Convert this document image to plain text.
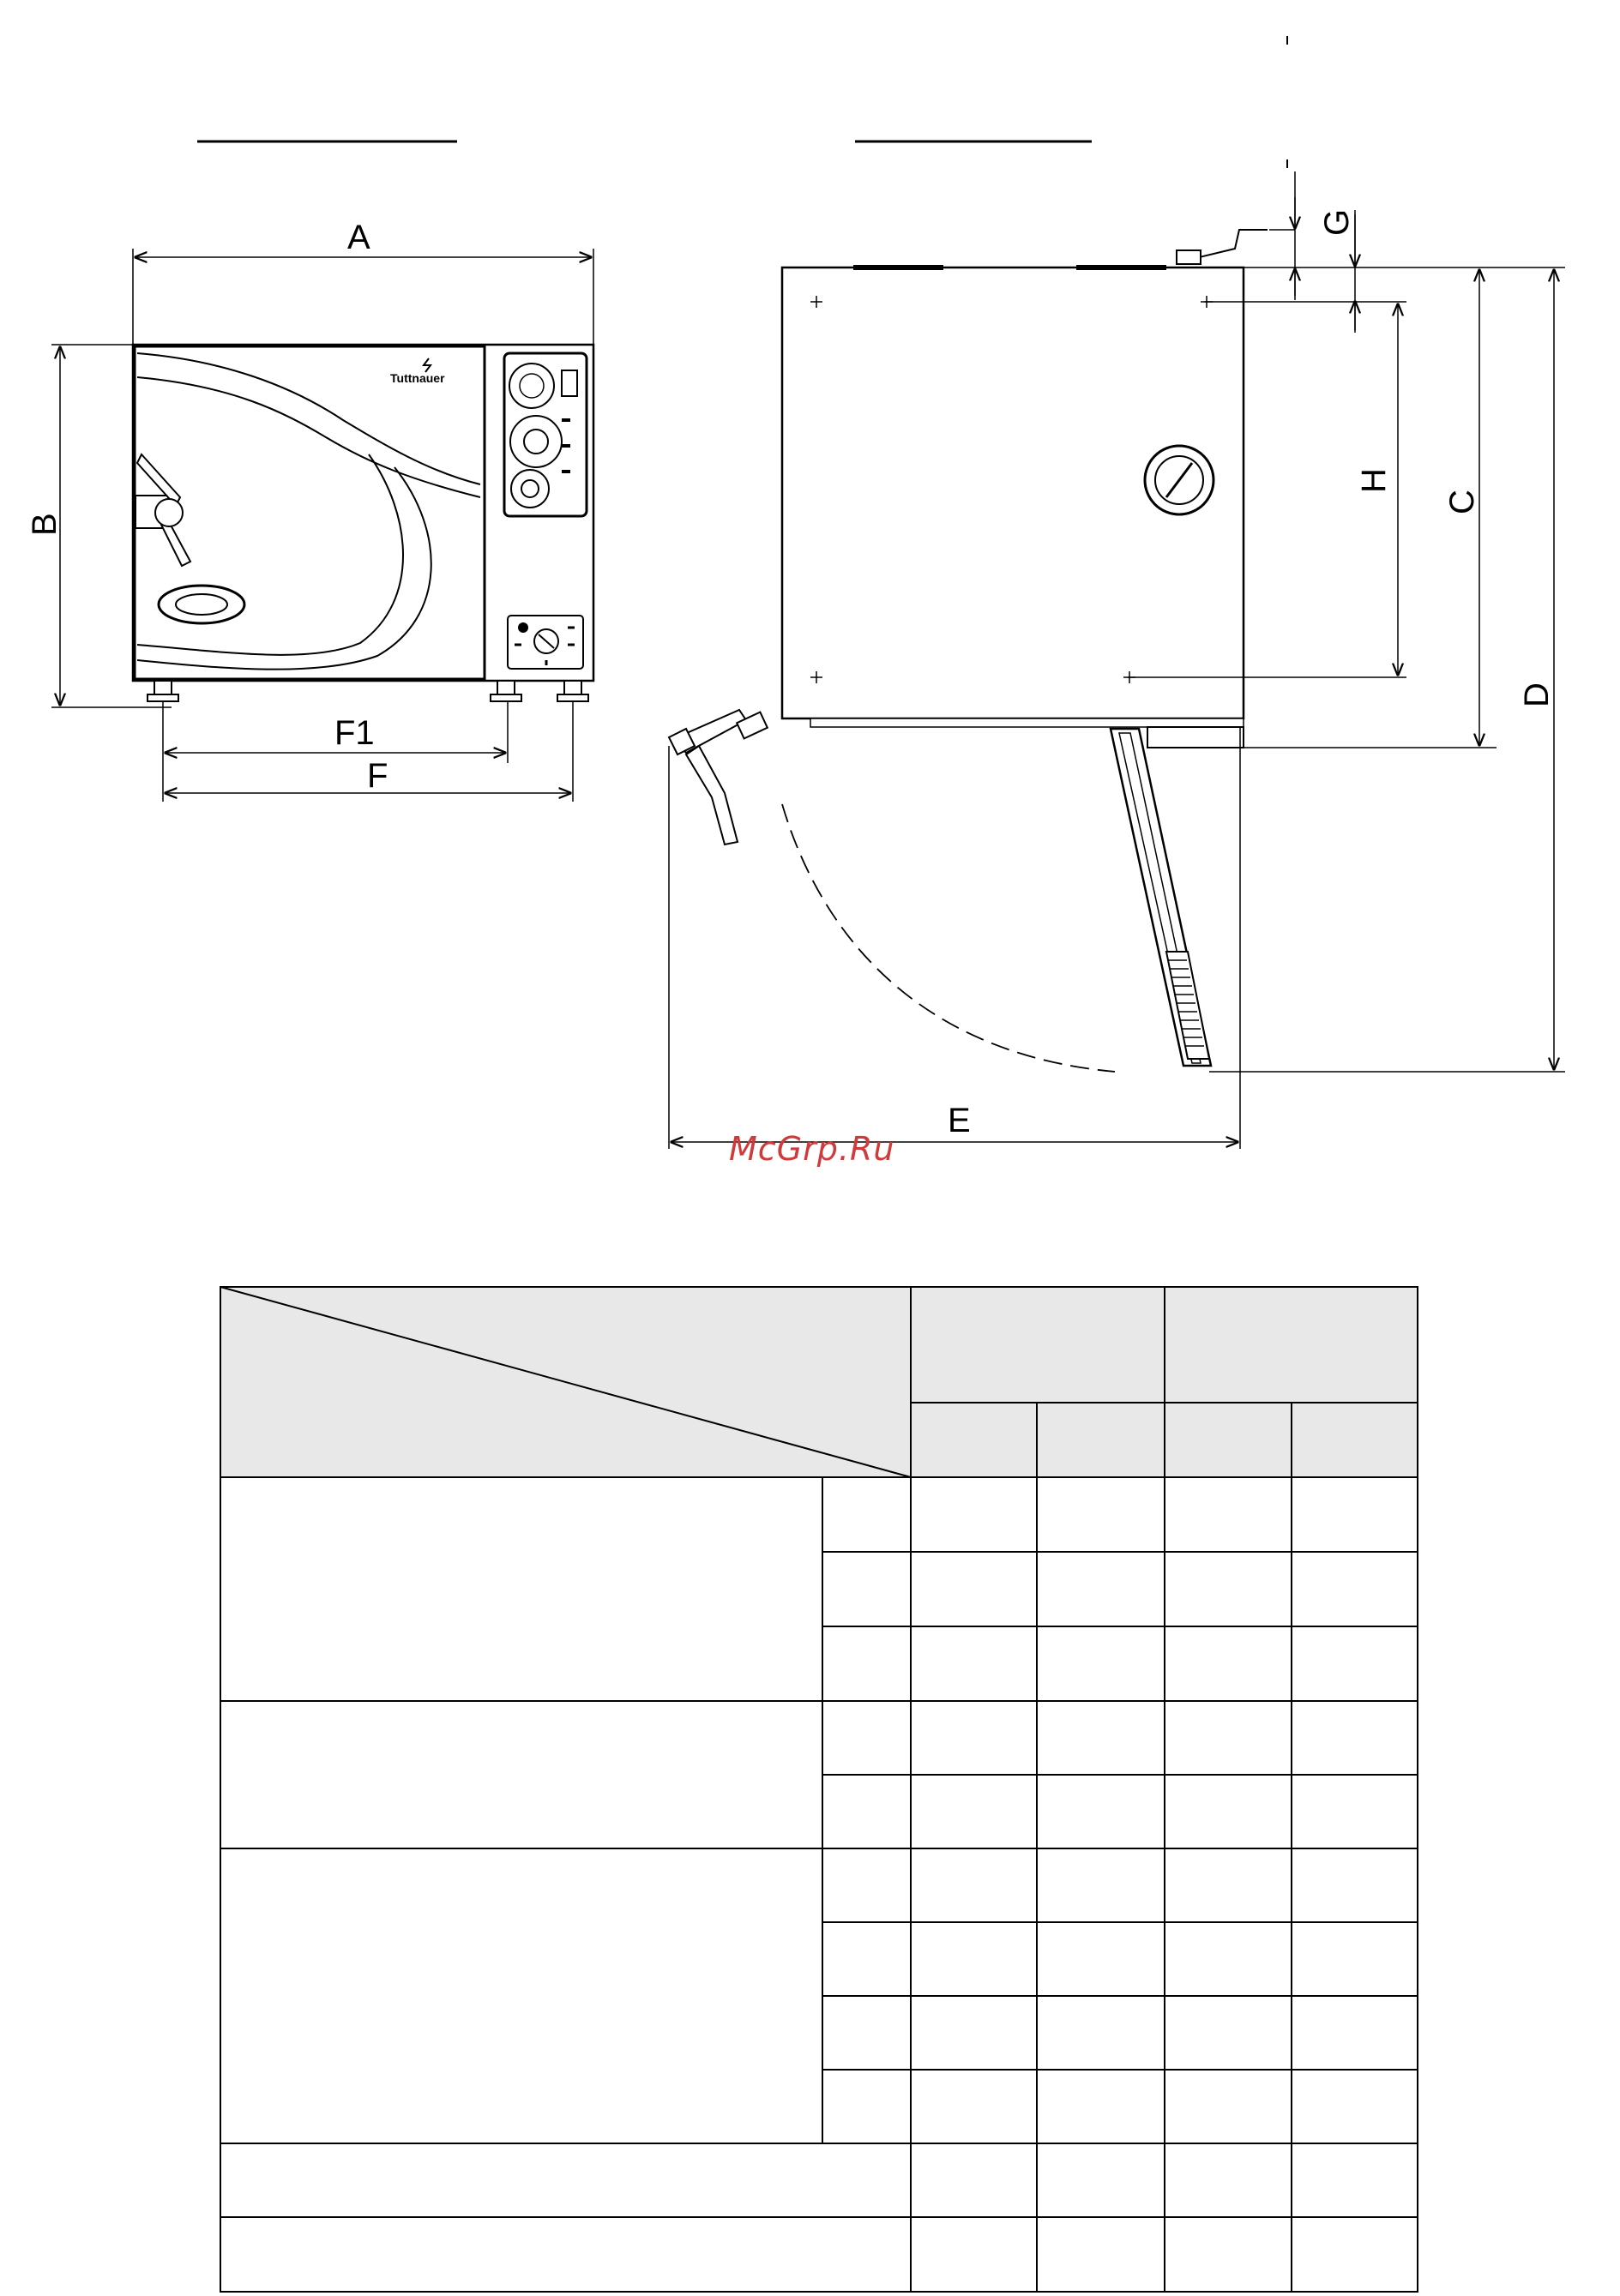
A
B
Tuttnauer
F1
F
G
H
C
D
E
McGrp.Ru
